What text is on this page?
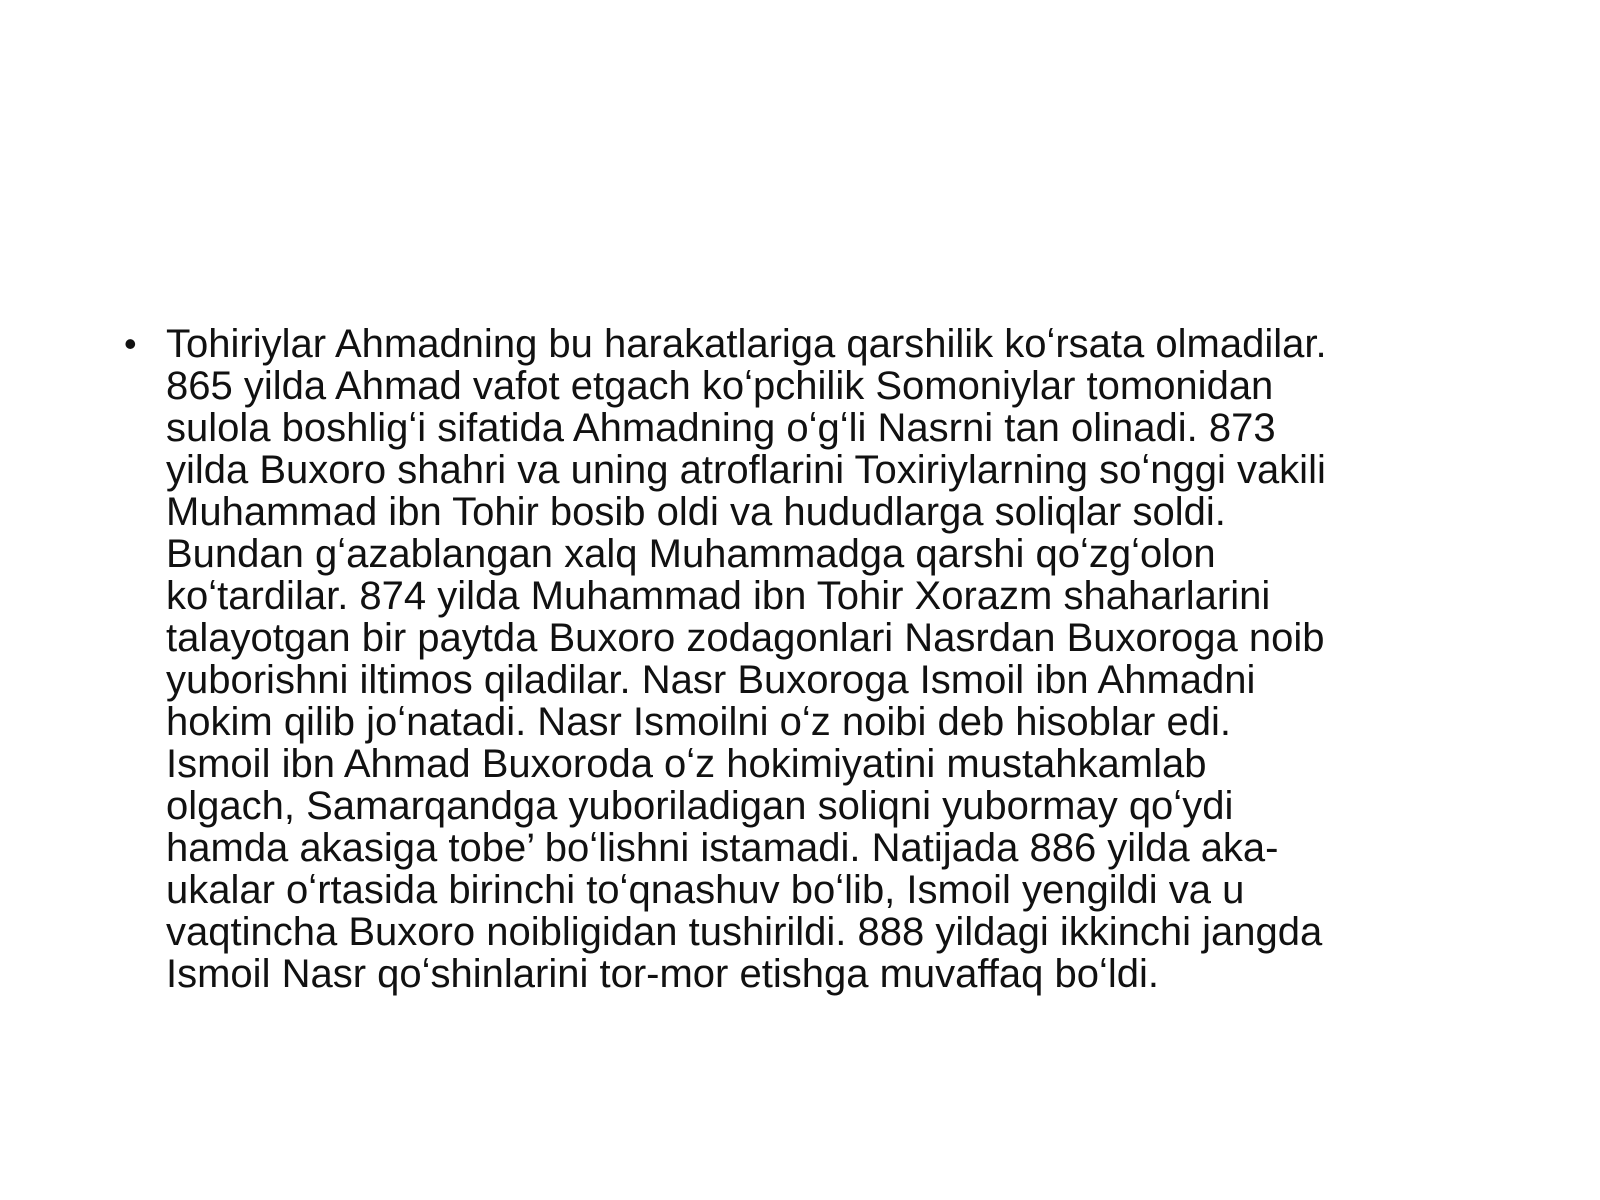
• Tohiriylar Ahmadning bu harakatlariga qarshilik koʻrsata olmadilar.
865 yilda Ahmad vafot etgach koʻpchilik Somoniylar tomonidan
sulola boshligʻi sifatida Ahmadning oʻgʻli Nasrni tan olinadi. 873
yilda Buxoro shahri va uning atroflarini Toxiriylarning soʻnggi vakili
Muhammad ibn Tohir bosib oldi va hududlarga soliqlar soldi.
Bundan gʻazablangan xalq Muhammadga qarshi qoʻzgʻolon
koʻtardilar. 874 yilda Muhammad ibn Tohir Xorazm shaharlarini
talayotgan bir paytda Buxoro zodagonlari Nasrdan Buxoroga noib
yuborishni iltimos qiladilar. Nasr Buxoroga Ismoil ibn Ahmadni
hokim qilib joʻnatadi. Nasr Ismoilni oʻz noibi deb hisoblar edi.
Ismoil ibn Ahmad Buxoroda oʻz hokimiyatini mustahkamlab
olgach, Samarqandga yuboriladigan soliqni yubormay qoʻydi
hamda akasiga tobe’ boʻlishni istamadi. Natijada 886 yilda aka-
ukalar oʻrtasida birinchi toʻqnashuv boʻlib, Ismoil yengildi va u
vaqtincha Buxoro noibligidan tushirildi. 888 yildagi ikkinchi jangda
Ismoil Nasr qoʻshinlarini tor-mor etishga muvaffaq boʻldi.
